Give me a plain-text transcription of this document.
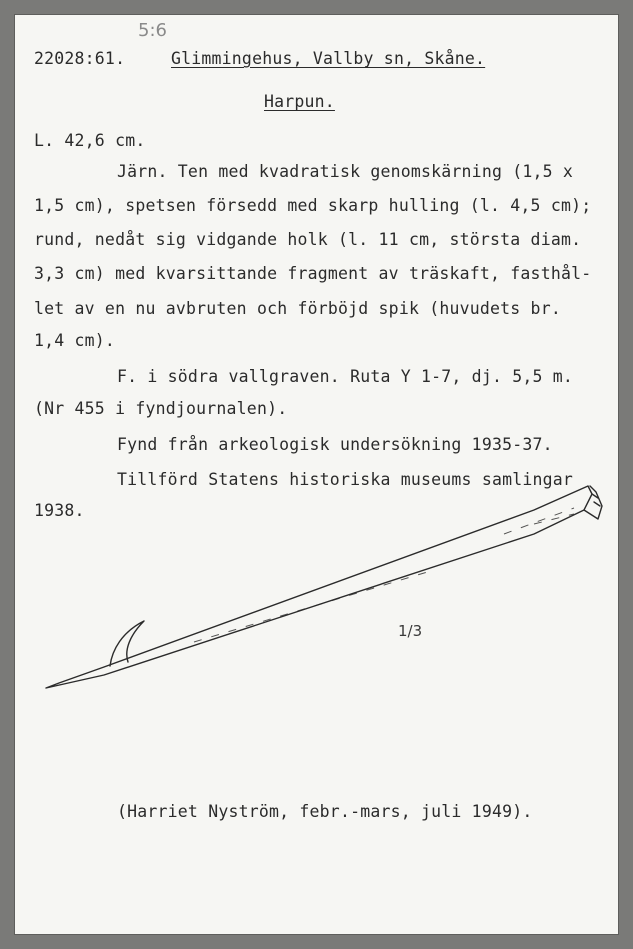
5:6
22028:61.	Glimmingehus, Vallby sn, Skåne.
Harpun.
L. 42,6 cm.
Järn. Ten med kvadratisk genomskärning (1,5 x
1,5 cm), spetsen försedd med skarp hulling (l. 4,5 cm);
rund, nedåt sig vidgande holk (l. 11 cm, största diam.
3,3 cm) med kvarsittande fragment av träskaft, fasthål-
let av en nu avbruten och förböjd spik (huvudets br.
1,4 cm).
F. i södra vallgraven. Ruta Y 1-7, dj. 5,5 m.
(Nr 455 i fyndjournalen).
Fynd från arkeologisk undersökning 1935-37.
Tillförd Statens historiska museums samlingar
1938.
1/3
(Harriet Nyström, febr.-mars, juli 1949).
